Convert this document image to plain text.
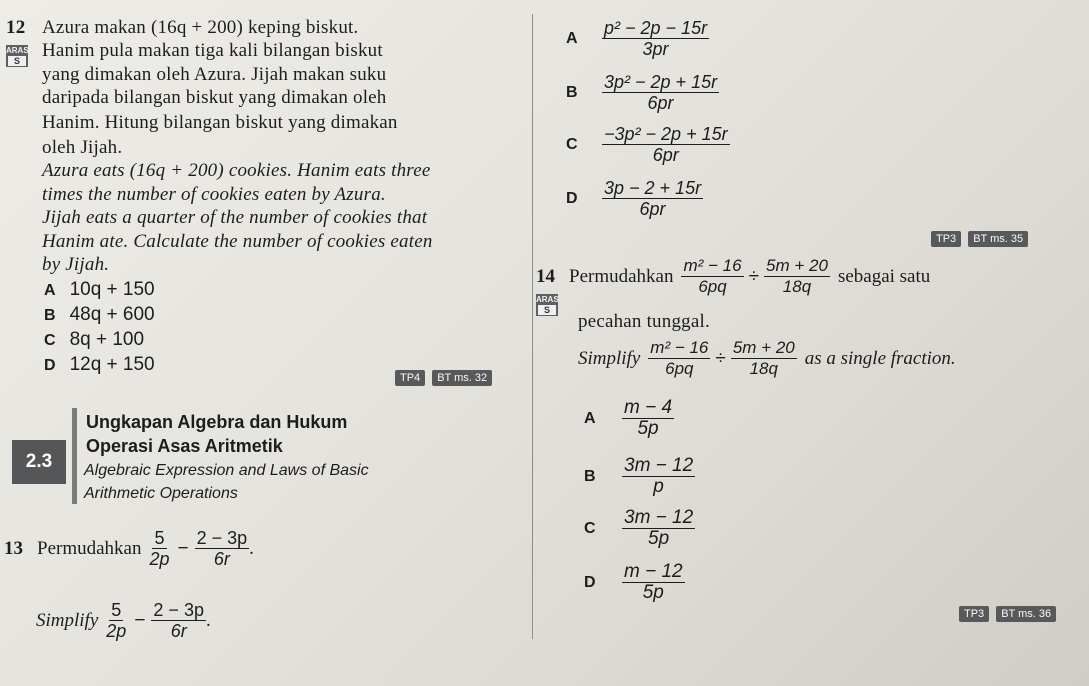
12
ARAS
S
Azura makan (16q + 200) keping biskut.
Hanim pula makan tiga kali bilangan biskut
yang dimakan oleh Azura. Jijah makan suku
daripada bilangan biskut yang dimakan oleh
Hanim. Hitung bilangan biskut yang dimakan
oleh Jijah.
Azura eats (16q + 200) cookies. Hanim eats three
times the number of cookies eaten by Azura.
Jijah eats a quarter of the number of cookies that
Hanim ate. Calculate the number of cookies eaten
by Jijah.
A 10q + 150
B 48q + 600
C 8q + 100
D 12q + 150
TP4 BT ms. 32
2.3
Ungkapan Algebra dan Hukum
Operasi Asas Aritmetik
Algebraic Expression and Laws of Basic
Arithmetic Operations
13 Permudahkan $\frac{5}{2p} - \frac{2 - 3p}{6r}$ .
Simplify $\frac{5}{2p} - \frac{2 - 3p}{6r}$ .
A	$\frac{\text{p² − 2p − 15r}}{3pr}$
B	$\frac{\text{3p² − 2p + 15r}}{6pr}$
C	$\frac{\text{−3p² − 2p + 15r}}{6pr}$
D	$\frac{3p - 2 + 15r}{6pr}$
TP3 BT ms. 35
14 Permudahkan $\frac{\text{m² − 16}}{6pq} \div \frac{5m + 20}{18q}$ sebagai satu
ARAS
S
pecahan tunggal.
Simplify $\frac{\text{m² − 16}}{6pq} \div \frac{5m + 20}{18q}$ as a single fraction.
A	$\frac{m - 4}{5p}$
B	$\frac{3m - 12}{p}$
C	$\frac{3m - 12}{5p}$
D	$\frac{m - 12}{5p}$
TP3 BT ms. 36
